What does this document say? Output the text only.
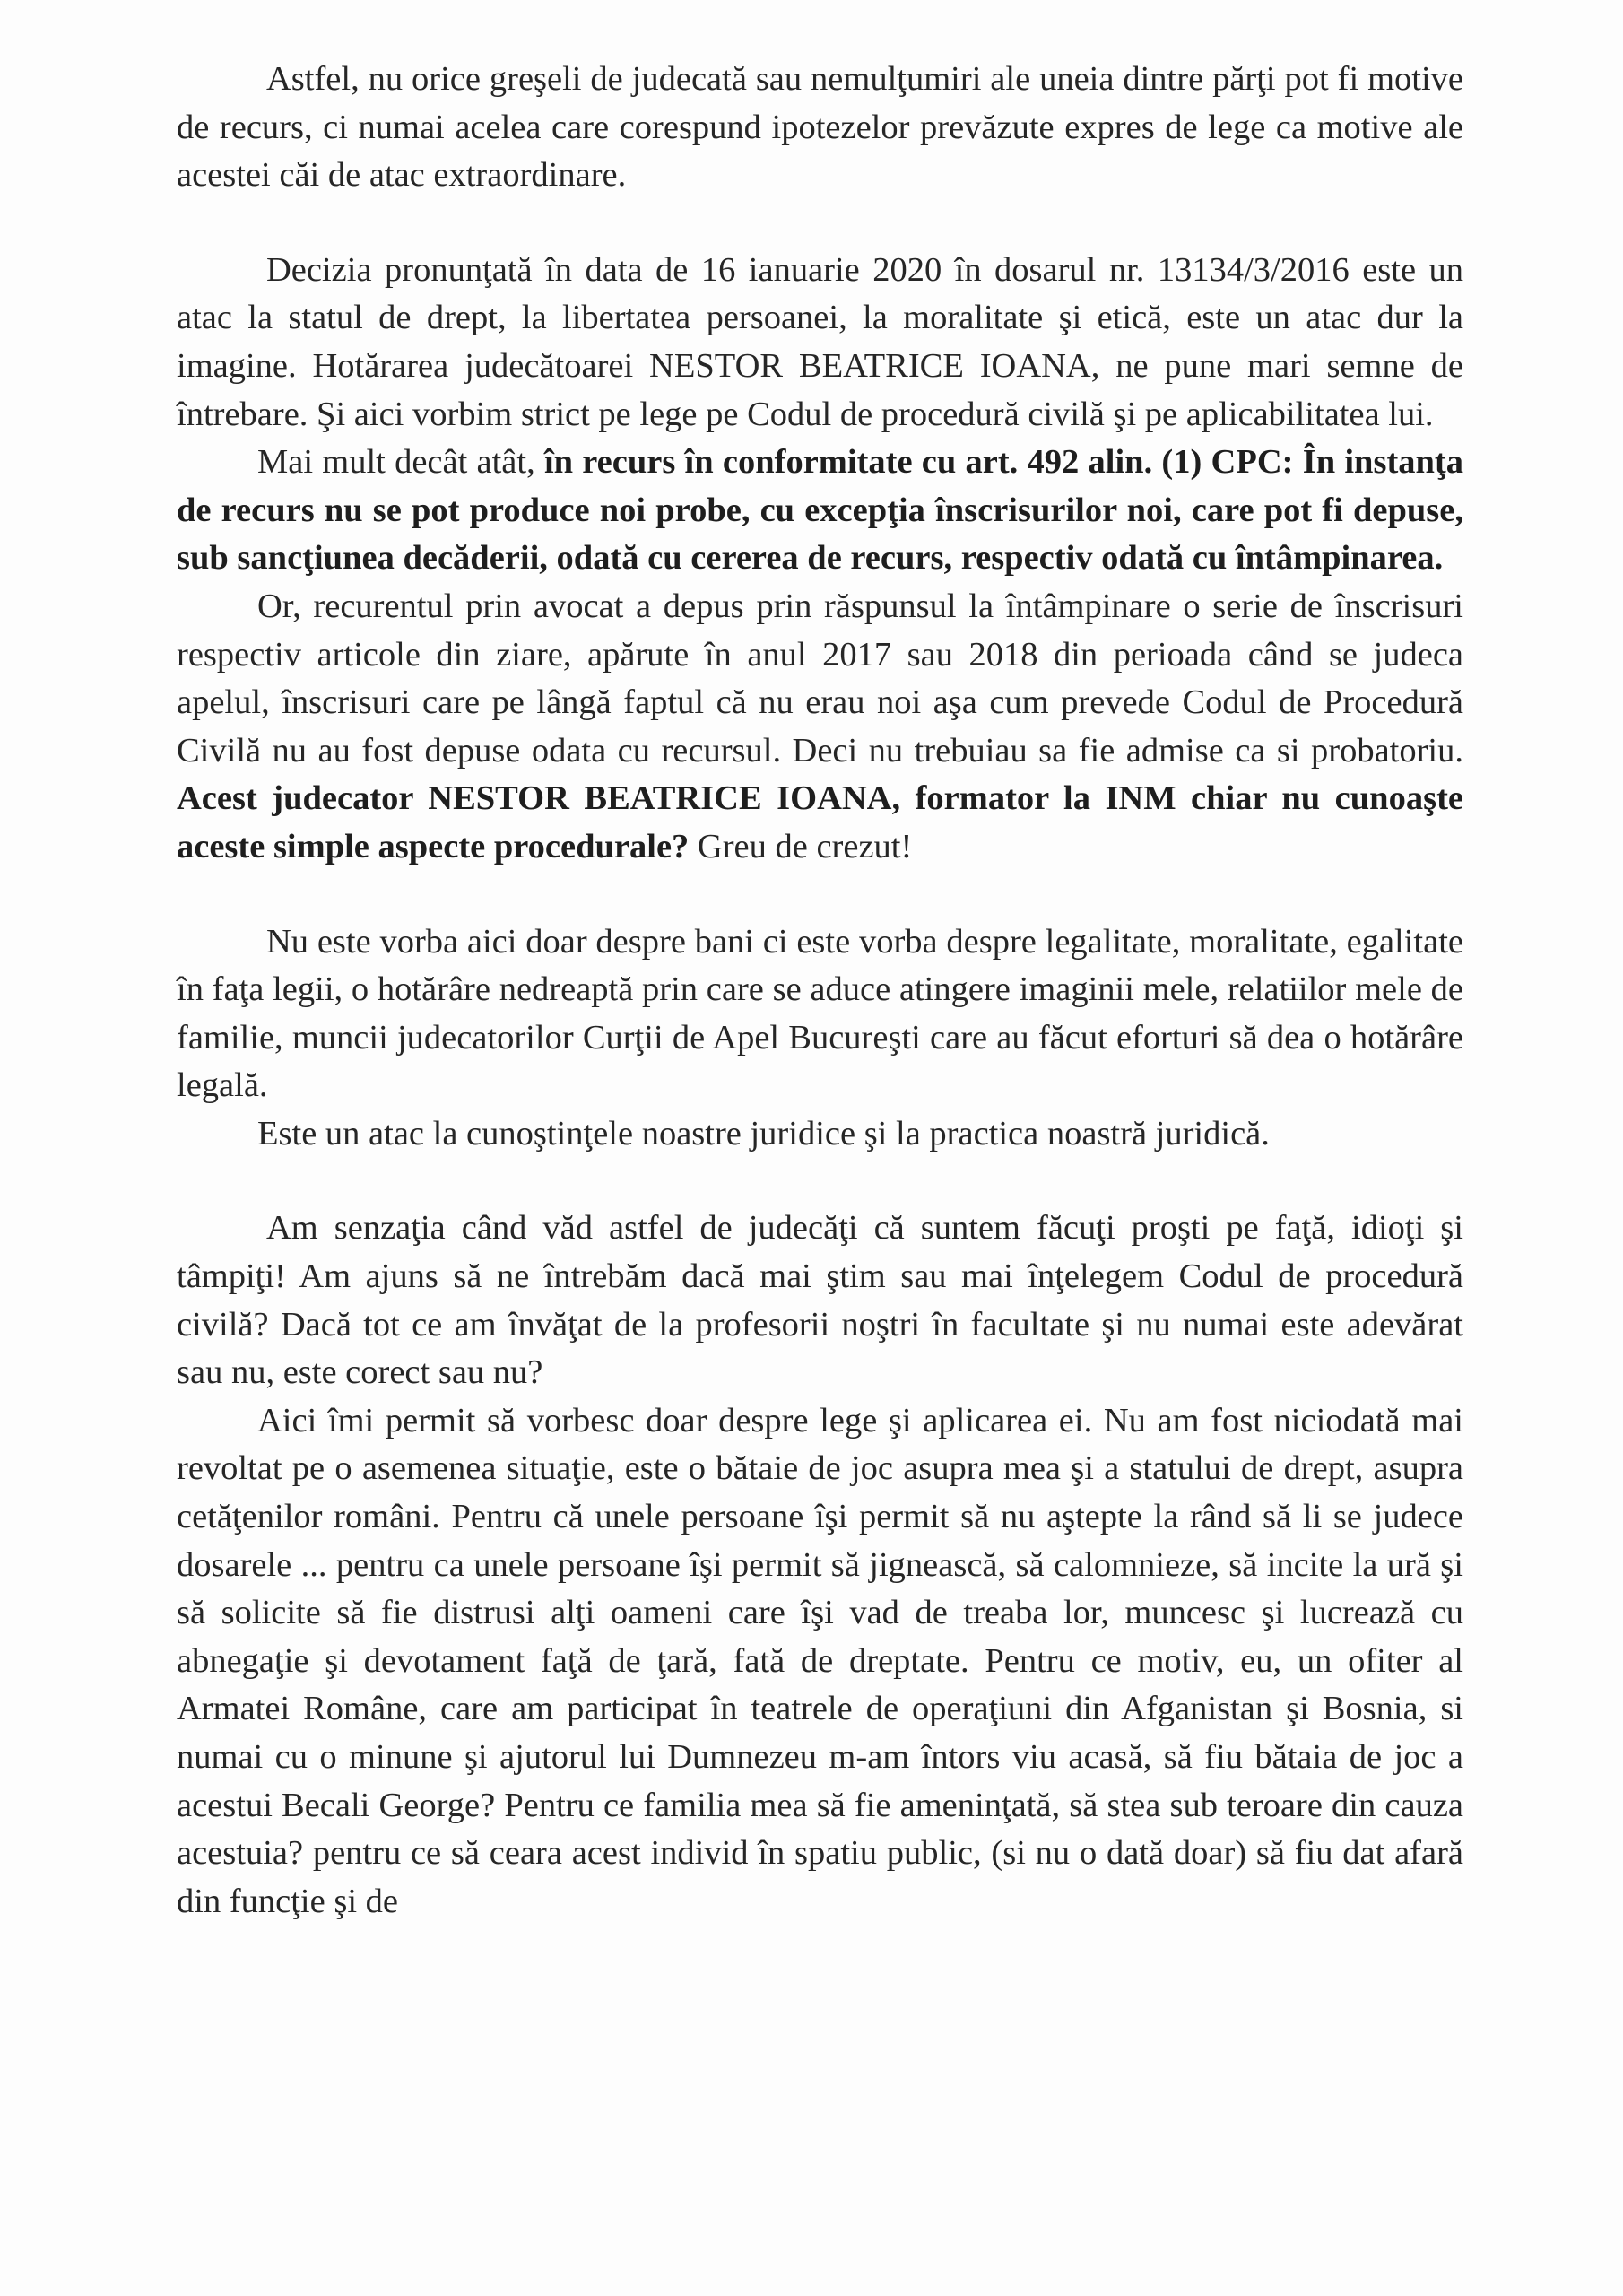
Astfel, nu orice greşeli de judecată sau nemulţumiri ale uneia dintre părţi pot fi motive de recurs, ci numai acelea care corespund ipotezelor prevăzute expres de lege ca motive ale acestei căi de atac extraordinare.

Decizia pronunţată în data de 16 ianuarie 2020 în dosarul nr. 13134/3/2016 este un atac la statul de drept, la libertatea persoanei, la moralitate şi etică, este un atac dur la imagine. Hotărarea judecătoarei NESTOR BEATRICE IOANA, ne pune mari semne de întrebare. Şi aici vorbim strict pe lege pe Codul de procedură civilă şi pe aplicabilitatea lui.

Mai mult decât atât, în recurs în conformitate cu art. 492 alin. (1) CPC: În instanţa de recurs nu se pot produce noi probe, cu excepţia înscrisurilor noi, care pot fi depuse, sub sancţiunea decăderii, odată cu cererea de recurs, respectiv odată cu întâmpinarea.

Or, recurentul prin avocat a depus prin răspunsul la întâmpinare o serie de înscrisuri respectiv articole din ziare, apărute în anul 2017 sau 2018 din perioada când se judeca apelul, înscrisuri care pe lângă faptul că nu erau noi aşa cum prevede Codul de Procedură Civilă nu au fost depuse odata cu recursul. Deci nu trebuiau sa fie admise ca si probatoriu. Acest judecator NESTOR BEATRICE IOANA, formator la INM chiar nu cunoaşte aceste simple aspecte procedurale? Greu de crezut!

Nu este vorba aici doar despre bani ci este vorba despre legalitate, moralitate, egalitate în faţa legii, o hotărâre nedreaptă prin care se aduce atingere imaginii mele, relatiilor mele de familie, muncii judecatorilor Curţii de Apel Bucureşti care au făcut eforturi să dea o hotărâre legală.

Este un atac la cunoştinţele noastre juridice şi la practica noastră juridică.

Am senzaţia când văd astfel de judecăţi că suntem făcuţi proşti pe faţă, idioţi şi tâmpiţi! Am ajuns să ne întrebăm dacă mai ştim sau mai înţelegem Codul de procedură civilă? Dacă tot ce am învăţat de la profesorii noştri în facultate şi nu numai este adevărat sau nu, este corect sau nu?

Aici îmi permit să vorbesc doar despre lege şi aplicarea ei. Nu am fost niciodată mai revoltat pe o asemenea situaţie, este o bătaie de joc asupra mea şi a statului de drept, asupra cetăţenilor români. Pentru că unele persoane îşi permit să nu aştepte la rând să li se judece dosarele ... pentru ca unele persoane îşi permit să jignească, să calomnieze, să incite la ură şi să solicite să fie distrusi alţi oameni care îşi vad de treaba lor, muncesc şi lucrează cu abnegaţie şi devotament faţă de ţară, fată de dreptate. Pentru ce motiv, eu, un ofiter al Armatei Române, care am participat în teatrele de operaţiuni din Afganistan şi Bosnia, si numai cu o minune şi ajutorul lui Dumnezeu m-am întors viu acasă, să fiu bătaia de joc a acestui Becali George? Pentru ce familia mea să fie ameninţată, să stea sub teroare din cauza acestuia? pentru ce să ceara acest individ în spatiu public, (si nu o dată doar) să fiu dat afară din funcţie şi de
